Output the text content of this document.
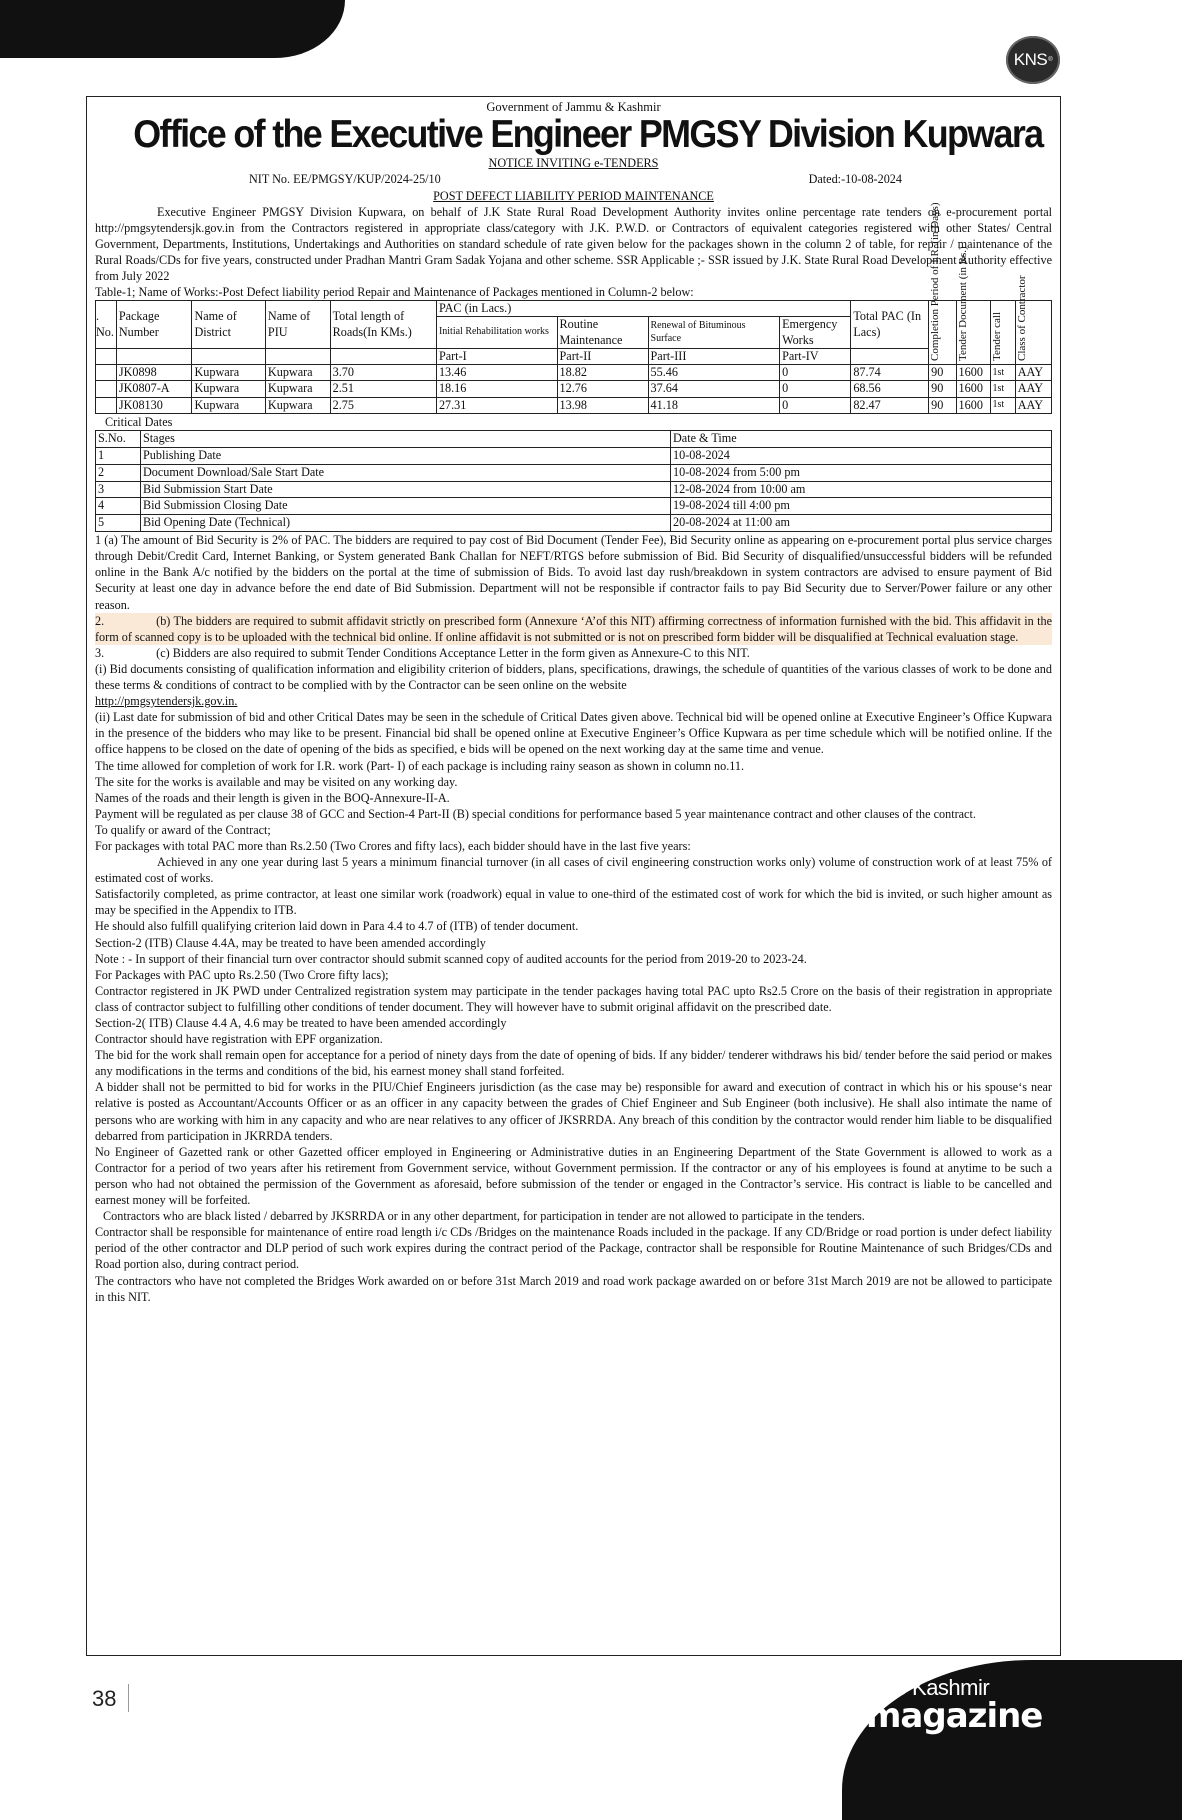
KNS ®
Government of Jammu & Kashmir
Office of the Executive Engineer PMGSY Division Kupwara
NOTICE INVITING e-TENDERS
NIT No. EE/PMGSY/KUP/2024-25/10	Dated:-10-08-2024
POST DEFECT LIABILITY PERIOD MAINTENANCE

Executive Engineer PMGSY Division Kupwara, on behalf of J.K State Rural Road Development Authority invites online percentage rate tenders on e-procurement portal http://pmgsytendersjk.gov.in from the Contractors registered in appropriate class/category with J.K. P.W.D. or Contractors of equivalent categories registered with other States/ Central Government, Departments, Institutions, Undertakings and Authorities on standard schedule of rate given below for the packages shown in the column 2 of table, for repair / maintenance of the Rural Roads/CDs for five years, constructed under Pradhan Mantri Gram Sadak Yojana and other scheme. SSR Applicable ;- SSR issued by J.K. State Rural Road Development Authority effective from July 2022

Table-1; Name of Works:-Post Defect liability period Repair and Maintenance of Packages mentioned in Column-2 below:

.
No.	Package Number	Name of District	Name of PIU	Total length of Roads(In KMs.)	PAC (in Lacs.)				Total PAC (In Lacs)	Completion Period of I.R. (in Days)	Tender Document (in Rs.)	Tender call	Class of Contractor

					Initial Rehabilitation works	Routine Maintenance	Renewal of Bituminous Surface	Emergency Works					
					Part-I	Part-II	Part-III	Part-IV					
	JK0898	Kupwara	Kupwara	3.70	13.46	18.82	55.46	0	87.74	90	1600	1st	AAY
	JK0807-A	Kupwara	Kupwara	2.51	18.16	12.76	37.64	0	68.56	90	1600	1st	AAY
	JK08130	Kupwara	Kupwara	2.75	27.31	13.98	41.18	0	82.47	90	1600	1st	AAY
Critical Dates
S.No.	Stages	Date & Time
1	Publishing Date	10-08-2024
2	Document Download/Sale Start Date	10-08-2024 from 5:00 pm
3	Bid Submission Start Date	12-08-2024 from 10:00 am
4	Bid Submission Closing Date	19-08-2024 till 4:00 pm
5	Bid Opening Date (Technical)	20-08-2024 at 11:00 am

1 (a) The amount of Bid Security is 2% of PAC. The bidders are required to pay cost of Bid Document (Tender Fee), Bid Security online as appearing on e-procurement portal plus service charges through Debit/Credit Card, Internet Banking, or System generated Bank Challan for NEFT/RTGS before submission of Bid. Bid Security of disqualified/unsuccessful bidders will be refunded online in the Bank A/c notified by the bidders on the portal at the time of submission of Bids. To avoid last day rush/breakdown in system contractors are advised to ensure payment of Bid Security at least one day in advance before the end date of Bid Submission. Department will not be responsible if contractor fails to pay Bid Security due to Server/Power failure or any other reason.

2.	(b) The bidders are required to submit affidavit strictly on prescribed form (Annexure ‘A’of this NIT) affirming correctness of information furnished with the bid. This affidavit in the form of scanned copy is to be uploaded with the technical bid online. If online affidavit is not submitted or is not on prescribed form bidder will be disqualified at Technical evaluation stage.

3.	(c) Bidders are also required to submit Tender Conditions Acceptance Letter in the form given as Annexure-C to this NIT.

(i) Bid documents consisting of qualification information and eligibility criterion of bidders, plans, specifications, drawings, the schedule of quantities of the various classes of work to be done and these terms & conditions of contract to be complied with by the Contractor can be seen online on the website

http://pmgsytendersjk.gov.in.

(ii) Last date for submission of bid and other Critical Dates may be seen in the schedule of Critical Dates given above. Technical bid will be opened online at Executive Engineer’s Office Kupwara in the presence of the bidders who may like to be present. Financial bid shall be opened online at Executive Engineer’s Office Kupwara as per time schedule which will be notified online. If the office happens to be closed on the date of opening of the bids as specified, e bids will be opened on the next working day at the same time and venue.

The time allowed for completion of work for I.R. work (Part- I) of each package is including rainy season as shown in column no.11.

The site for the works is available and may be visited on any working day.

Names of the roads and their length is given in the BOQ-Annexure-II-A.

Payment will be regulated as per clause 38 of GCC and Section-4 Part-II (B) special conditions for performance based 5 year maintenance contract and other clauses of the contract.

To qualify or award of the Contract;

For packages with total PAC more than Rs.2.50 (Two Crores and fifty lacs), each bidder should have in the last five years:

Achieved in any one year during last 5 years a minimum financial turnover (in all cases of civil engineering construction works only) volume of construction work of at least 75% of estimated cost of works.

Satisfactorily completed, as prime contractor, at least one similar work (roadwork) equal in value to one-third of the estimated cost of work for which the bid is invited, or such higher amount as may be specified in the Appendix to ITB.

He should also fulfill qualifying criterion laid down in Para 4.4 to 4.7 of (ITB) of tender document.

Section-2 (ITB) Clause 4.4A, may be treated to have been amended accordingly

Note : - In support of their financial turn over contractor should submit scanned copy of audited accounts for the period from 2019-20 to 2023-24.

For Packages with PAC upto Rs.2.50 (Two Crore fifty lacs);

Contractor registered in JK PWD under Centralized registration system may participate in the tender packages having total PAC upto Rs2.5 Crore on the basis of their registration in appropriate class of contractor subject to fulfilling other conditions of tender document. They will however have to submit original affidavit on the prescribed date.

Section-2( ITB) Clause 4.4 A, 4.6 may be treated to have been amended accordingly

Contractor should have registration with EPF organization.

The bid for the work shall remain open for acceptance for a period of ninety days from the date of opening of bids. If any bidder/ tenderer withdraws his bid/ tender before the said period or makes any modifications in the terms and conditions of the bid, his earnest money shall stand forfeited.

A bidder shall not be permitted to bid for works in the PIU/Chief Engineers jurisdiction (as the case may be) responsible for award and execution of contract in which his or his spouse‘s near relative is posted as Accountant/Accounts Officer or as an officer in any capacity between the grades of Chief Engineer and Sub Engineer (both inclusive). He shall also intimate the name of persons who are working with him in any capacity and who are near relatives to any officer of JKSRRDA. Any breach of this condition by the contractor would render him liable to be disqualified debarred from participation in JKRRDA tenders.

No Engineer of Gazetted rank or other Gazetted officer employed in Engineering or Administrative duties in an Engineering Department of the State Government is allowed to work as a Contractor for a period of two years after his retirement from Government service, without Government permission. If the contractor or any of his employees is found at anytime to be such a person who had not obtained the permission of the Government as aforesaid, before submission of the tender or engaged in the Contractor’s service. His contract is liable to be cancelled and earnest money will be forfeited.

Contractors who are black listed / debarred by JKSRRDA or in any other department, for participation in tender are not allowed to participate in the tenders.

Contractor shall be responsible for maintenance of entire road length i/c CDs /Bridges on the maintenance Roads included in the package. If any CD/Bridge or road portion is under defect liability period of the other contractor and DLP period of such work expires during the contract period of the Package, contractor shall be responsible for Routine Maintenance of such Bridges/CDs and Road portion also, during contract period.

The contractors who have not completed the Bridges Work awarded on or before 31st March 2019 and road work package awarded on or before 31st March 2019 are not be allowed to participate in this NIT.

38	The Kashmir
magazine
